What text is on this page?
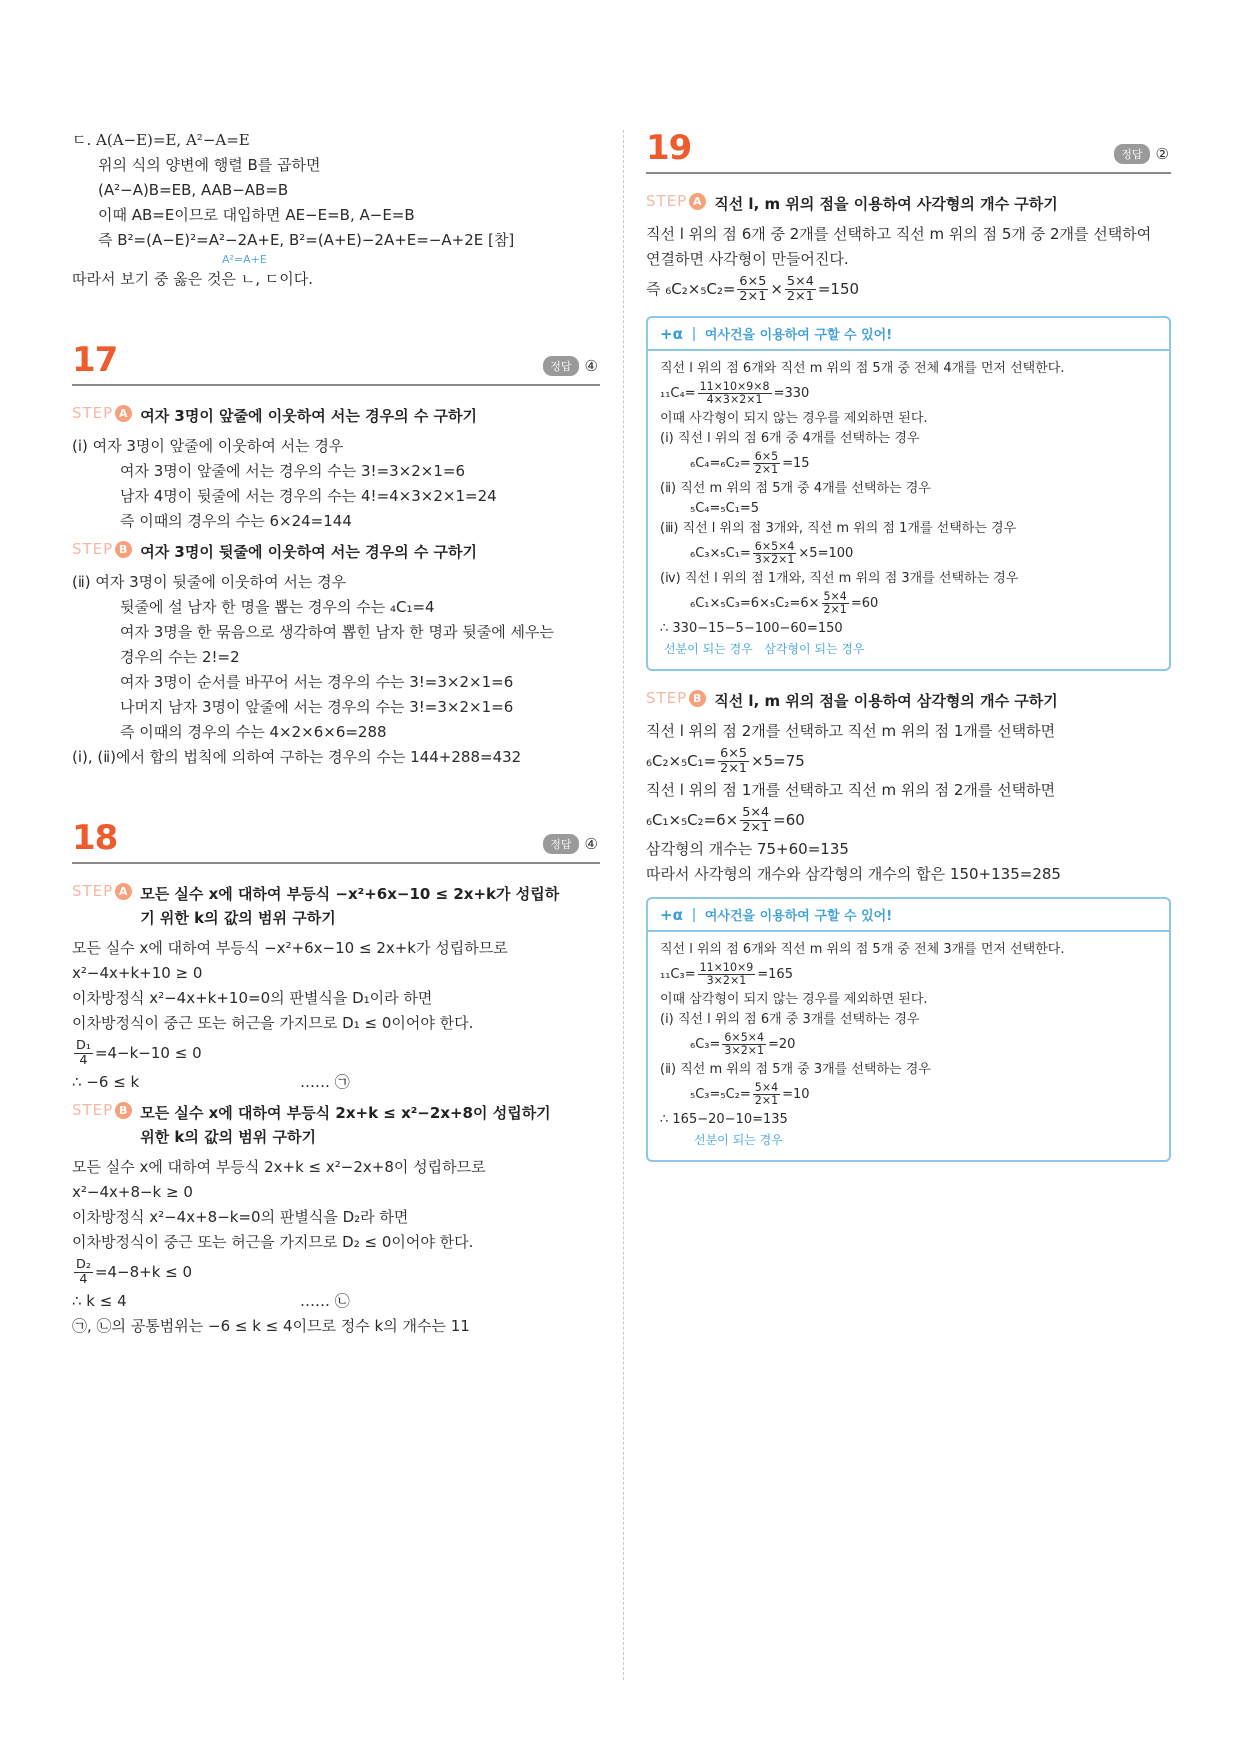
ㄷ. A(A−E)=E, A²−A=E
위의 식의 양변에 행렬 B를 곱하면
(A²−A)B=EB, AAB−AB=B
이때 AB=E이므로 대입하면 AE−E=B, A−E=B
즉 B²=(A−E)²=A²−2A+E, B²=(A+E)−2A+E=−A+2E [참]
A²=A+E
따라서 보기 중 옳은 것은 ㄴ, ㄷ이다.
17	정답 ④
STEP A 여자 3명이 앞줄에 이웃하여 서는 경우의 수 구하기
(ⅰ) 여자 3명이 앞줄에 이웃하여 서는 경우
여자 3명이 앞줄에 서는 경우의 수는 3!=3×2×1=6
남자 4명이 뒷줄에 서는 경우의 수는 4!=4×3×2×1=24
즉 이때의 경우의 수는 6×24=144
STEP B 여자 3명이 뒷줄에 이웃하여 서는 경우의 수 구하기
(ⅱ) 여자 3명이 뒷줄에 이웃하여 서는 경우
뒷줄에 설 남자 한 명을 뽑는 경우의 수는 ₄C₁=4
여자 3명을 한 묶음으로 생각하여 뽑힌 남자 한 명과 뒷줄에 세우는
경우의 수는 2!=2
여자 3명이 순서를 바꾸어 서는 경우의 수는 3!=3×2×1=6
나머지 남자 3명이 앞줄에 서는 경우의 수는 3!=3×2×1=6
즉 이때의 경우의 수는 4×2×6×6=288
(ⅰ), (ⅱ)에서 합의 법칙에 의하여 구하는 경우의 수는 144+288=432
18	정답 ④
STEP A 모든 실수 x에 대하여 부등식 −x²+6x−10 ≤ 2x+k가 성립하기 위한 k의 값의 범위 구하기
모든 실수 x에 대하여 부등식 −x²+6x−10 ≤ 2x+k가 성립하므로
x²−4x+k+10 ≥ 0
이차방정식 x²−4x+k+10=0의 판별식을 D₁이라 하면
이차방정식이 중근 또는 허근을 가지므로 D₁ ≤ 0이어야 한다.
$\frac{\text{D₁}}{4} =4-k-10 \le 0$
∴ −6 ≤ k	…… ㉠
STEP B 모든 실수 x에 대하여 부등식 2x+k ≤ x²−2x+8이 성립하기 위한 k의 값의 범위 구하기
모든 실수 x에 대하여 부등식 2x+k ≤ x²−2x+8이 성립하므로
x²−4x+8−k ≥ 0
이차방정식 x²−4x+8−k=0의 판별식을 D₂라 하면
이차방정식이 중근 또는 허근을 가지므로 D₂ ≤ 0이어야 한다.
$\frac{\text{D₂}}{4} =4-8+k \le 0$
∴ k ≤ 4	…… ㉡
㉠, ㉡의 공통범위는 −6 ≤ k ≤ 4이므로 정수 k의 개수는 11
19	정답 ②
STEP A 직선 l, m 위의 점을 이용하여 사각형의 개수 구하기
직선 l 위의 점 6개 중 2개를 선택하고 직선 m 위의 점 5개 중 2개를 선택하여
연결하면 사각형이 만들어진다.
즉 $_6C_2\times_5C_2= \frac{6\times 5}{2\times 1} \times \frac{5\times 4}{2\times 1} =150$
+α 여사건을 이용하여 구할 수 있어!
직선 l 위의 점 6개와 직선 m 위의 점 5개 중 전체 4개를 먼저 선택한다.
$_{11}C_4= \frac{11\times 10\times 9\times 8}{4\times 3\times 2\times 1} =330$
이때 사각형이 되지 않는 경우를 제외하면 된다.
(ⅰ) 직선 l 위의 점 6개 중 4개를 선택하는 경우
$_6C_4=_6C_2= \frac{6\times 5}{2\times 1} =15$
(ⅱ) 직선 m 위의 점 5개 중 4개를 선택하는 경우
₅C₄=₅C₁=5
(ⅲ) 직선 l 위의 점 3개와, 직선 m 위의 점 1개를 선택하는 경우
$_6C_3\times_5C_1= \frac{6\times 5\times 4}{3\times 2\times 1} \times 5=100$
(ⅳ) 직선 l 위의 점 1개와, 직선 m 위의 점 3개를 선택하는 경우
$_6C_1\times_5C_3=6\times_5C_2=6\times \frac{5\times 4}{2\times 1} =60$
∴ 330−15−5−100−60=150
선분이 되는 경우 삼각형이 되는 경우
STEP B 직선 l, m 위의 점을 이용하여 삼각형의 개수 구하기
직선 l 위의 점 2개를 선택하고 직선 m 위의 점 1개를 선택하면
$_6C_2\times_5C_1= \frac{6\times 5}{2\times 1} \times 5=75$
직선 l 위의 점 1개를 선택하고 직선 m 위의 점 2개를 선택하면
$_6C_1\times_5C_2=6\times \frac{5\times 4}{2\times 1} =60$
삼각형의 개수는 75+60=135
따라서 사각형의 개수와 삼각형의 개수의 합은 150+135=285
+α 여사건을 이용하여 구할 수 있어!
직선 l 위의 점 6개와 직선 m 위의 점 5개 중 전체 3개를 먼저 선택한다.
$_{11}C_3= \frac{11\times 10\times 9}{3\times 2\times 1} =165$
이때 삼각형이 되지 않는 경우를 제외하면 된다.
(ⅰ) 직선 l 위의 점 6개 중 3개를 선택하는 경우
$_6C_3= \frac{6\times 5\times 4}{3\times 2\times 1} =20$
(ⅱ) 직선 m 위의 점 5개 중 3개를 선택하는 경우
$_5C_3=_5C_2= \frac{5\times 4}{2\times 1} =10$
∴ 165−20−10=135
선분이 되는 경우
